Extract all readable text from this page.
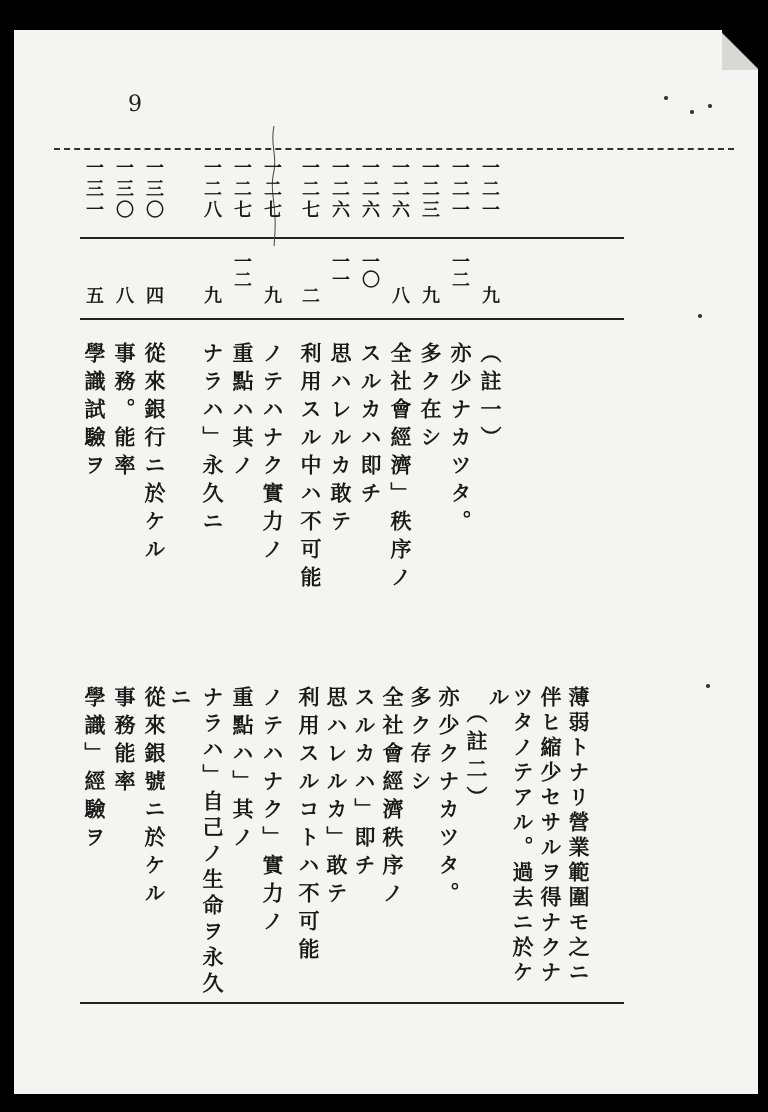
9
一二一
一二一
一二三
一二六
一二六
一二六
一二七
一二七
一二七
一二八
一三〇
一三〇
一三一
九
一二
九
八
一〇
一一
二
九
一二
九
四
八
五
（註一）
亦少ナカツタ。
多ク在シ
全社會經濟」秩序ノ
スルカハ即チ
思ハレルカ敢テ
利用スル中ハ不可能
ノテハナク實力ノ
重點ハ其ノ
ナラハ」永久ニ
從來銀行ニ於ケル
事務。能率
學識試驗ヲ
薄弱トナリ營業範圍モ之ニ
伴ヒ縮少セサルヲ得ナクナ
ツタノテアル。過去ニ於ケ
ル
（註二）
亦少クナカツタ。
多ク存シ
全社會經濟秩序ノ
スルカハ」即チ
思ハレルカ」敢テ
利用スルコトハ不可能
ノテハナク」實力ノ
重點ハ」其ノ
ナラハ」自己ノ生命ヲ永久
ニ
從來銀號ニ於ケル
事務能率
學識」經驗ヲ
